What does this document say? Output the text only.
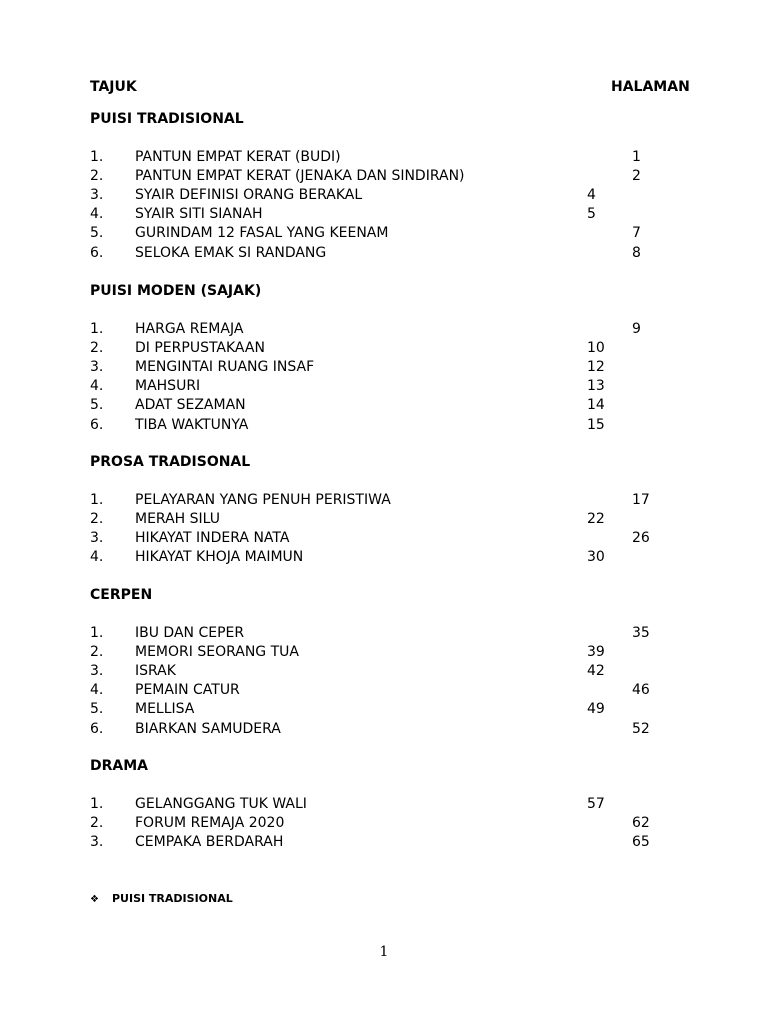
TAJUK	HALAMAN
PUISI TRADISIONAL
1. PANTUN EMPAT KERAT (BUDI)	1
2. PANTUN EMPAT KERAT (JENAKA DAN SINDIRAN)	2
3. SYAIR DEFINISI ORANG BERAKAL	4
4. SYAIR SITI SIANAH	5
5. GURINDAM 12 FASAL YANG KEENAM	7
6. SELOKA EMAK SI RANDANG	8
PUISI MODEN (SAJAK)
1. HARGA REMAJA	9
2. DI PERPUSTAKAAN	10
3. MENGINTAI RUANG INSAF	12
4. MAHSURI	13
5. ADAT SEZAMAN	14
6. TIBA WAKTUNYA	15
PROSA TRADISONAL
1. PELAYARAN YANG PENUH PERISTIWA	17
2. MERAH SILU	22
3. HIKAYAT INDERA NATA	26
4. HIKAYAT KHOJA MAIMUN	30
CERPEN
1. IBU DAN CEPER	35
2. MEMORI SEORANG TUA	39
3. ISRAK	42
4. PEMAIN CATUR	46
5. MELLISA	49
6. BIARKAN SAMUDERA	52
DRAMA
1. GELANGGANG TUK WALI	57
2. FORUM REMAJA 2020	62
3. CEMPAKA BERDARAH	65
❖ PUISI TRADISIONAL
1
